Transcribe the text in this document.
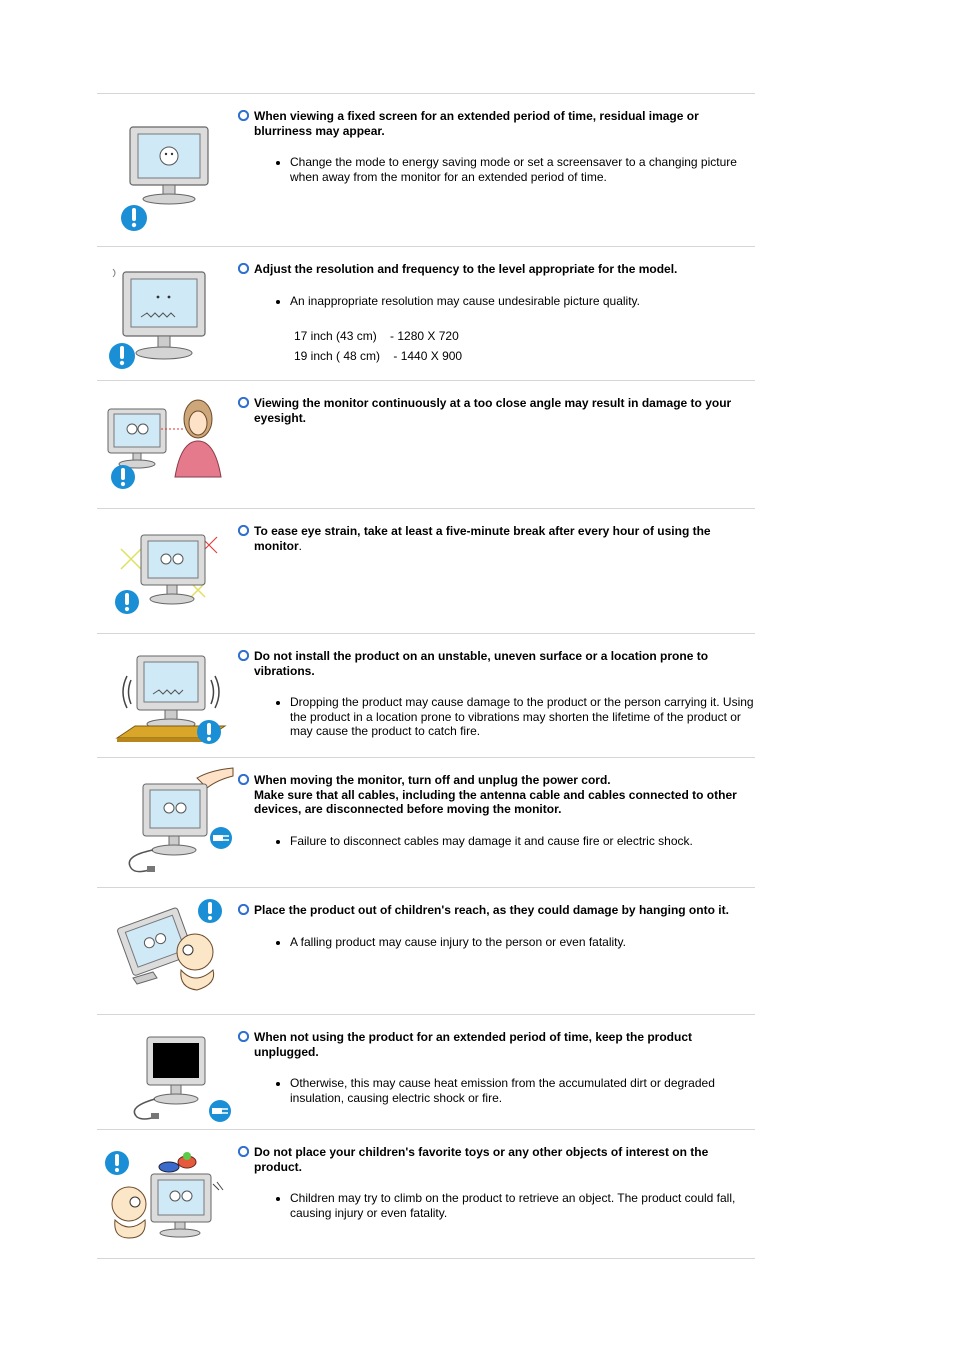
When viewing a fixed screen for an extended period of time, residual image or blurriness may appear.
• Change the mode to energy saving mode or set a screensaver to a changing picture when away from the monitor for an extended period of time.
Adjust the resolution and frequency to the level appropriate for the model.
• An inappropriate resolution may cause undesirable picture quality.
17 inch (43 cm)    - 1280 X 720
19 inch ( 48 cm)    - 1440 X 900
Viewing the monitor continuously at a too close angle may result in damage to your eyesight.
To ease eye strain, take at least a five-minute break after every hour of using the monitor.
Do not install the product on an unstable, uneven surface or a location prone to vibrations.
• Dropping the product may cause damage to the product or the person carrying it. Using the product in a location prone to vibrations may shorten the lifetime of the product or may cause the product to catch fire.
When moving the monitor, turn off and unplug the power cord.
Make sure that all cables, including the antenna cable and cables connected to other devices, are disconnected before moving the monitor.
• Failure to disconnect cables may damage it and cause fire or electric shock.
Place the product out of children's reach, as they could damage by hanging onto it.
• A falling product may cause injury to the person or even fatality.
When not using the product for an extended period of time, keep the product unplugged.
• Otherwise, this may cause heat emission from the accumulated dirt or degraded insulation, causing electric shock or fire.
Do not place your children's favorite toys or any other objects of interest on the product.
• Children may try to climb on the product to retrieve an object. The product could fall, causing injury or even fatality.
